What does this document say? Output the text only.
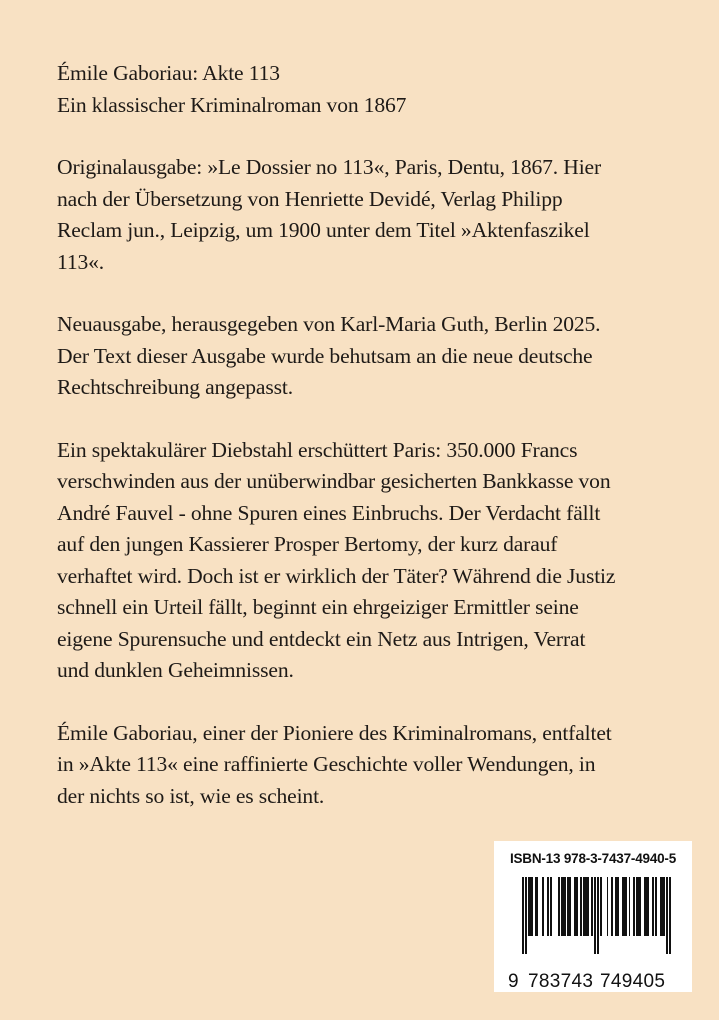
Émile Gaboriau: Akte 113
Ein klassischer Kriminalroman von 1867
Originalausgabe: »Le Dossier no 113«, Paris, Dentu, 1867. Hier
nach der Übersetzung von Henriette Devidé, Verlag Philipp
Reclam jun., Leipzig, um 1900 unter dem Titel »Aktenfaszikel
113«.
Neuausgabe, herausgegeben von Karl-Maria Guth, Berlin 2025.
Der Text dieser Ausgabe wurde behutsam an die neue deutsche
Rechtschreibung angepasst.
Ein spektakulärer Diebstahl erschüttert Paris: 350.000 Francs
verschwinden aus der unüberwindbar gesicherten Bankkasse von
André Fauvel - ohne Spuren eines Einbruchs. Der Verdacht fällt
auf den jungen Kassierer Prosper Bertomy, der kurz darauf
verhaftet wird. Doch ist er wirklich der Täter? Während die Justiz
schnell ein Urteil fällt, beginnt ein ehrgeiziger Ermittler seine
eigene Spurensuche und entdeckt ein Netz aus Intrigen, Verrat
und dunklen Geheimnissen.
Émile Gaboriau, einer der Pioniere des Kriminalromans, entfaltet
in »Akte 113« eine raffinierte Geschichte voller Wendungen, in
der nichts so ist, wie es scheint.
ISBN-13 978-3-7437-4940-5
9 783743 749405
